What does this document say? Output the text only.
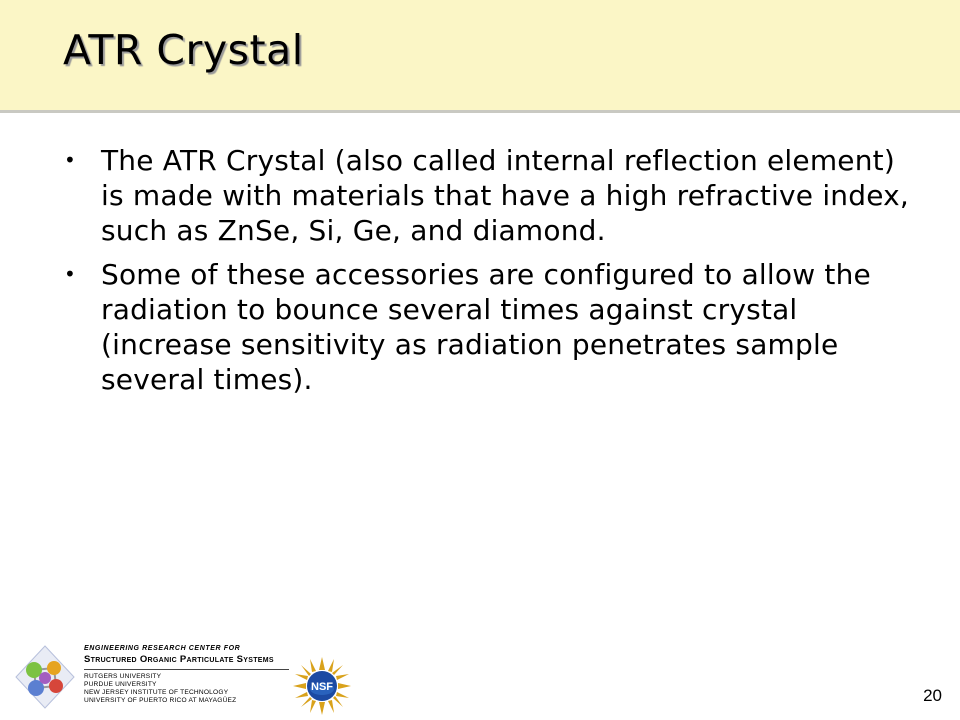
ATR Crystal
• The ATR Crystal (also called internal reflection element) is made with materials that have a high refractive index, such as ZnSe, Si, Ge, and diamond.
• Some of these accessories are configured to allow the radiation to bounce several times against crystal (increase sensitivity as radiation penetrates sample several times).
ENGINEERING RESEARCH CENTER FOR
Structured Organic Particulate Systems
RUTGERS UNIVERSITY
PURDUE UNIVERSITY
NEW JERSEY INSTITUTE OF TECHNOLOGY
UNIVERSITY OF PUERTO RICO AT MAYAGÜEZ
NSF	20
